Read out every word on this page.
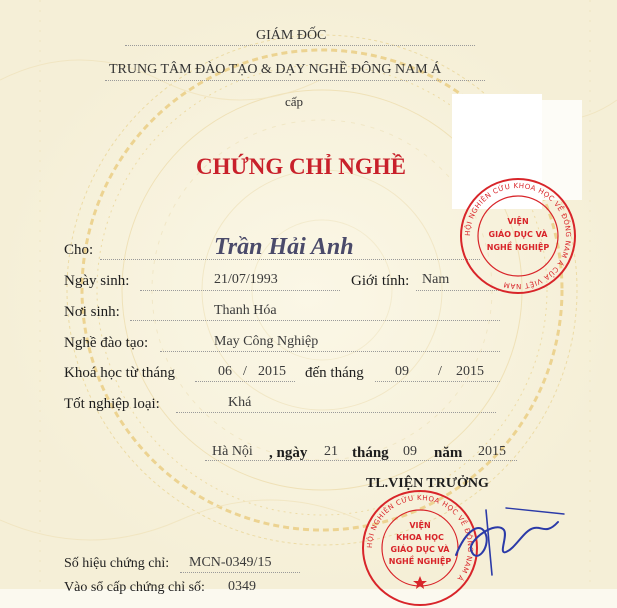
GIÁM ĐỐC
TRUNG TÂM ĐÀO TẠO & DẠY NGHỀ ĐÔNG NAM Á
cấp
CHỨNG CHỈ NGHỀ
Cho:	Trần Hải Anh
Ngày sinh:	21/07/1993	Giới tính: Nam
Nơi sinh:	Thanh Hóa
Nghề đào tạo:	May Công Nghiệp
Khoá học từ tháng	06 / 2015 đến tháng 09 / 2015
Tốt nghiệp loại:	Khá
Hà Nội , ngày 21 tháng 09 năm 2015
TL.VIỆN TRƯỞNG
Số hiệu chứng chỉ: MCN-0349/15
Vào sổ cấp chứng chỉ số: 0349
HỘI NGHIÊN CỨU KHOA HỌC VỀ ĐÔNG NAM Á CỦA VIỆT NAM
VIỆN
GIÁO DỤC VÀ
NGHỀ NGHIỆP
HỘI NGHIÊN CỨU KHOA HỌC VỀ ĐÔNG NAM Á
VIỆN
KHOA HỌC
GIÁO DỤC VÀ
NGHỀ NGHIỆP
